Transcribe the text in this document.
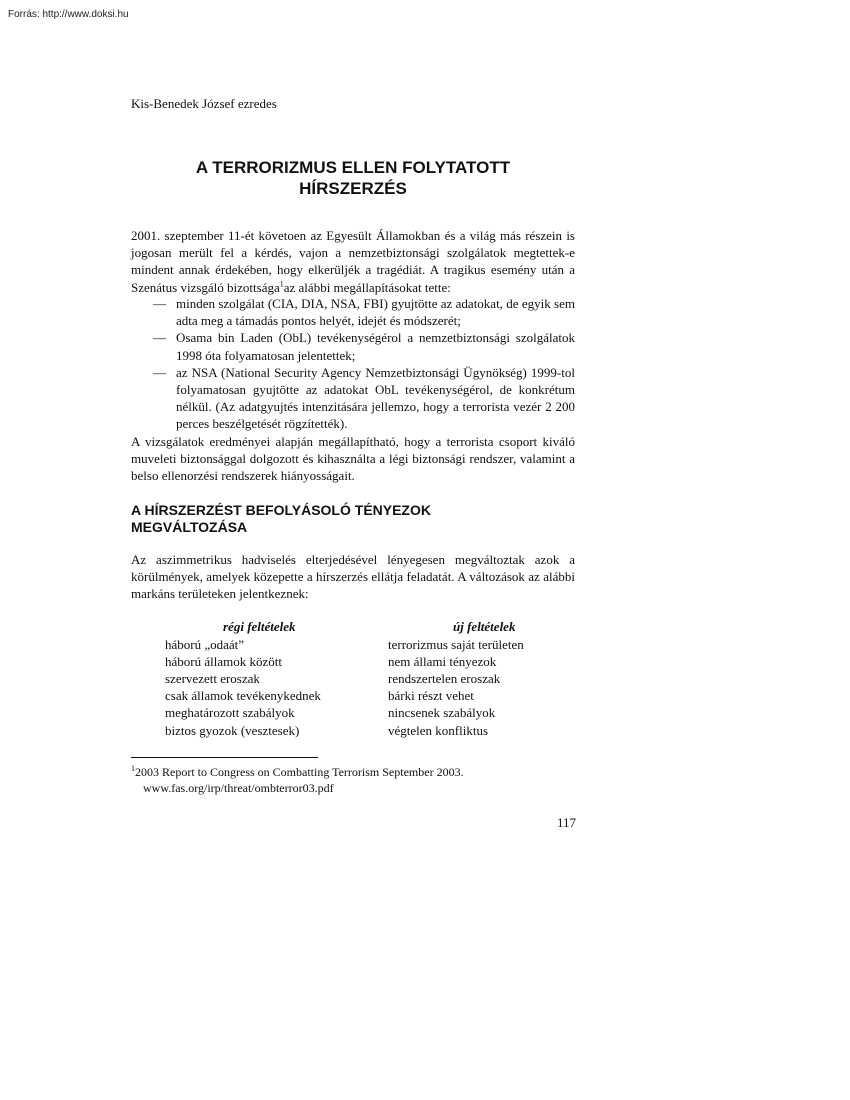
Forrás: http://www.doksi.hu
Kis-Benedek József ezredes
A TERRORIZMUS ELLEN FOLYTATOTT
HÍRSZERZÉS
2001. szeptember 11-ét követoen az Egyesült Államokban és a világ más részein is jogosan merült fel a kérdés, vajon a nemzetbiztonsági szolgálatok megtettek-e mindent annak érdekében, hogy elkerüljék a tragédiát. A tragikus esemény után a Szenátus vizsgáló bizottsága$^1$az alábbi megállapításokat tette:
— minden szolgálat (CIA, DIA, NSA, FBI) gyujtötte az adatokat, de egyik sem adta meg a támadás pontos helyét, idejét és módszerét;
— Osama bin Laden (ObL) tevékenységérol a nemzetbiztonsági szolgálatok 1998 óta folyamatosan jelentettek;
— az NSA (National Security Agency Nemzetbiztonsági Ügynökség) 1999-tol folyamatosan gyujtötte az adatokat ObL tevékenységérol, de konkrétum nélkül. (Az adatgyujtés intenzitására jellemzo, hogy a terrorista vezér 2 200 perces beszélgetését rögzítették).
A vizsgálatok eredményei alapján megállapítható, hogy a terrorista csoport kiváló muveleti biztonsággal dolgozott és kihasználta a légi biztonsági rendszer, valamint a belso ellenorzési rendszerek hiányosságait.
A HÍRSZERZÉST BEFOLYÁSOLÓ TÉNYEZOK
MEGVÁLTOZÁSA
Az aszimmetrikus hadviselés elterjedésével lényegesen megváltoztak azok a körülmények, amelyek közepette a hírszerzés ellátja feladatát. A változások az alábbi markáns területeken jelentkeznek:
régi feltételek	új feltételek
háború „odaát”
háború államok között
szervezett eroszak
csak államok tevékenykednek
meghatározott szabályok
biztos gyozok (vesztesek)
terrorizmus saját területen
nem állami tényezok
rendszertelen eroszak
bárki részt vehet
nincsenek szabályok
végtelen konfliktus
$^1$2003 Report to Congress on Combatting Terrorism September 2003.
www.fas.org/irp/threat/ombterror03.pdf
117
